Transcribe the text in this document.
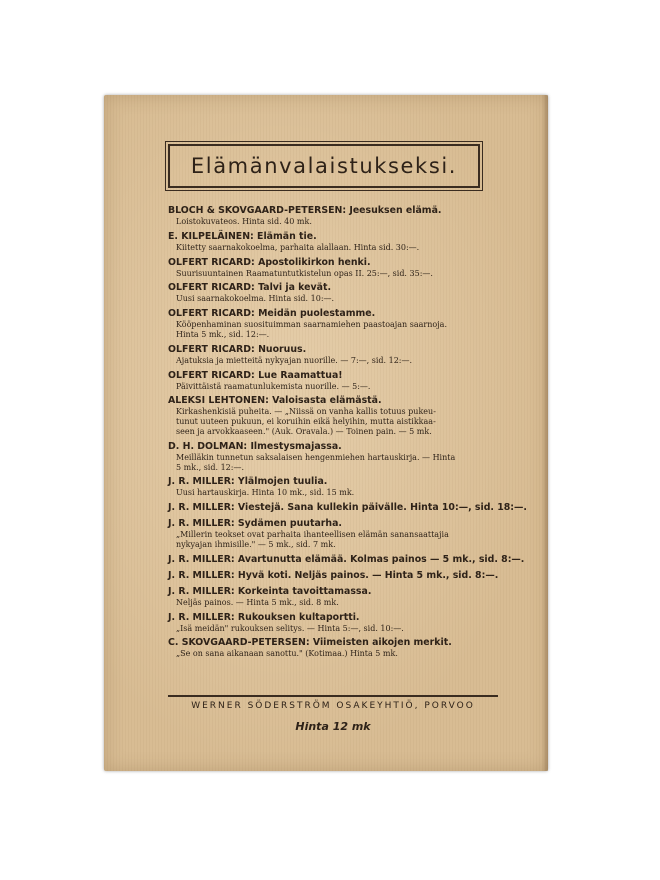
Elämänvalaistukseksi.
BLOCH & SKOVGAARD-PETERSEN: Jeesuksen elämä.
Loistokuvateos. Hinta sid. 40 mk.
E. KILPELÄINEN: Elämän tie.
Kiitetty saarnakokoelma, parhaita alallaan. Hinta sid. 30:—.
OLFERT RICARD: Apostolikirkon henki.
Suurisuuntainen Raamatuntutkistelun opas II. 25:—, sid. 35:—.
OLFERT RICARD: Talvi ja kevät.
Uusi saarnakokoelma. Hinta sid. 10:—.
OLFERT RICARD: Meidän puolestamme.
Kööpenhaminan suosituimman saarnamiehen paastoajan saarnoja.
Hinta 5 mk., sid. 12:—.
OLFERT RICARD: Nuoruus.
Ajatuksia ja mietteitä nykyajan nuorille. — 7:—, sid. 12:—.
OLFERT RICARD: Lue Raamattua!
Päivittäistä raamatunlukemista nuorille. — 5:—.
ALEKSI LEHTONEN: Valoisasta elämästä.
Kirkashenkisiä puheita. — „Niissä on vanha kallis totuus pukeu-
tunut uuteen pukuun, ei koruihin eikä helyihin, mutta aistikkaa-
seen ja arvokkaaseen." (Auk. Oravala.) — Toinen pain. — 5 mk.
D. H. DOLMAN: Ilmestysmajassa.
Meilläkin tunnetun saksalaisen hengenmiehen hartauskirja. — Hinta
5 mk., sid. 12:—.
J. R. MILLER: Ylälmojen tuulia.
Uusi hartauskirja. Hinta 10 mk., sid. 15 mk.
J. R. MILLER: Viestejä. Sana kullekin päivälle. Hinta 10:—, sid. 18:—.
J. R. MILLER: Sydämen puutarha.
„Millerin teokset ovat parhaita ihanteellisen elämän sanansaattajia
nykyajan ihmisille." — 5 mk., sid. 7 mk.
J. R. MILLER: Avartunutta elämää. Kolmas painos — 5 mk., sid. 8:—.
J. R. MILLER: Hyvä koti. Neljäs painos. — Hinta 5 mk., sid. 8:—.
J. R. MILLER: Korkeinta tavoittamassa.
Neljäs painos. — Hinta 5 mk., sid. 8 mk.
J. R. MILLER: Rukouksen kultaportti.
„Isä meidän" rukouksen selitys. — Hinta 5:—, sid. 10:—.
C. SKOVGAARD-PETERSEN: Viimeisten aikojen merkit.
„Se on sana aikanaan sanottu." (Kotimaa.) Hinta 5 mk.
WERNER SÖDERSTRÖM OSAKEYHTIÖ, PORVOO
Hinta 12 mk
